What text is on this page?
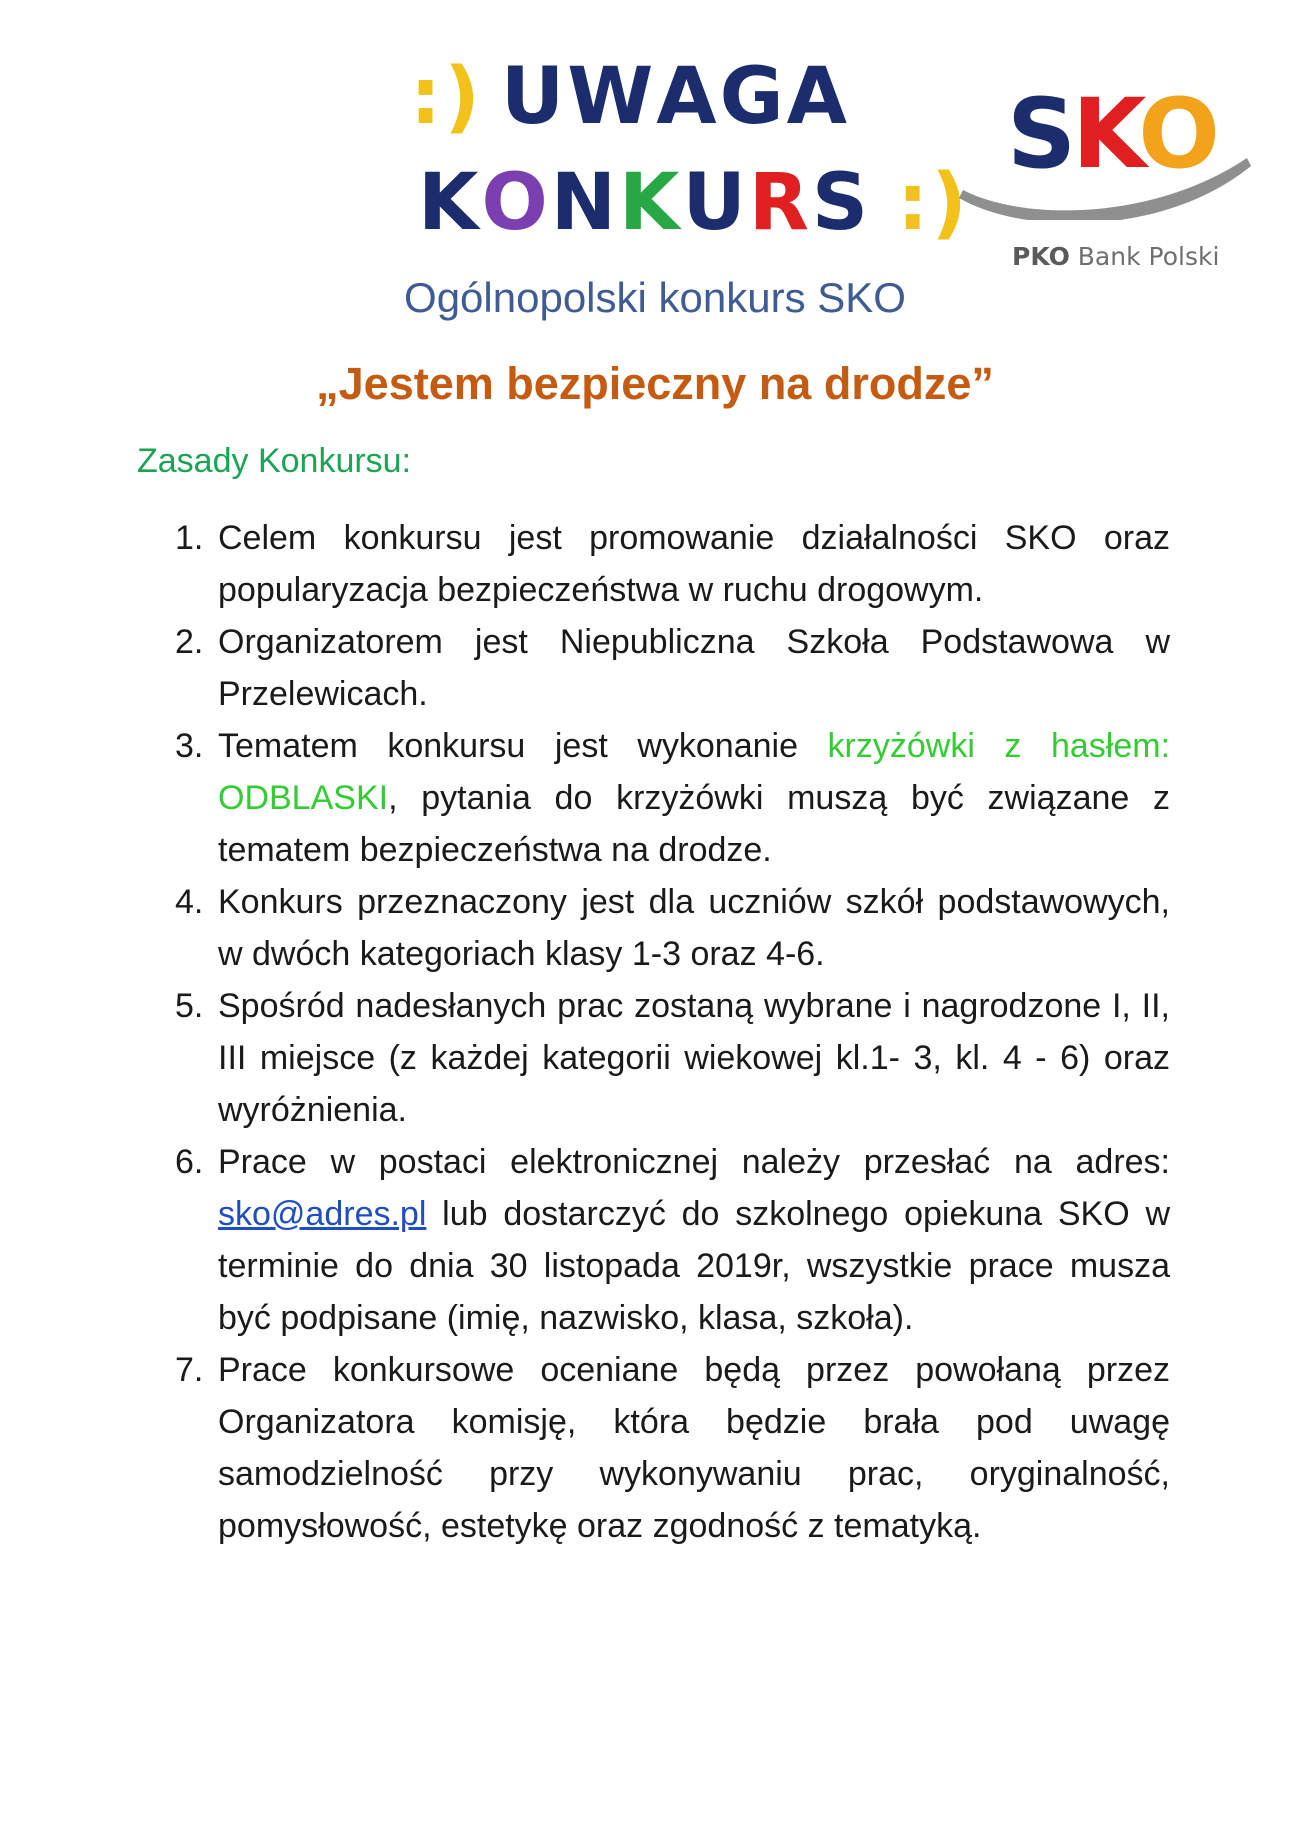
:) UWAGA
KONKURS :)
SKO
PKO Bank Polski
Ogólnopolski konkurs SKO
„Jestem bezpieczny na drodze”
Zasady Konkursu:
1. Celem konkursu jest promowanie działalności SKO oraz popularyzacja bezpieczeństwa w ruchu drogowym.
2. Organizatorem jest Niepubliczna Szkoła Podstawowa w Przelewicach.
3. Tematem konkursu jest wykonanie krzyżówki z hasłem: ODBLASKI, pytania do krzyżówki muszą być związane z tematem bezpieczeństwa na drodze.
4. Konkurs przeznaczony jest dla uczniów szkół podstawowych, w dwóch kategoriach klasy 1-3 oraz 4-6.
5. Spośród nadesłanych prac zostaną wybrane i nagrodzone I, II, III miejsce (z każdej kategorii wiekowej kl.1- 3, kl. 4 - 6) oraz wyróżnienia.
6. Prace w postaci elektronicznej należy przesłać na adres: sko@adres.pl lub dostarczyć do szkolnego opiekuna SKO w terminie do dnia 30 listopada 2019r, wszystkie prace musza być podpisane (imię, nazwisko, klasa, szkoła).
7. Prace konkursowe oceniane będą przez powołaną przez Organizatora komisję, która będzie brała pod uwagę samodzielność przy wykonywaniu prac, oryginalność, pomysłowość, estetykę oraz zgodność z tematyką.
